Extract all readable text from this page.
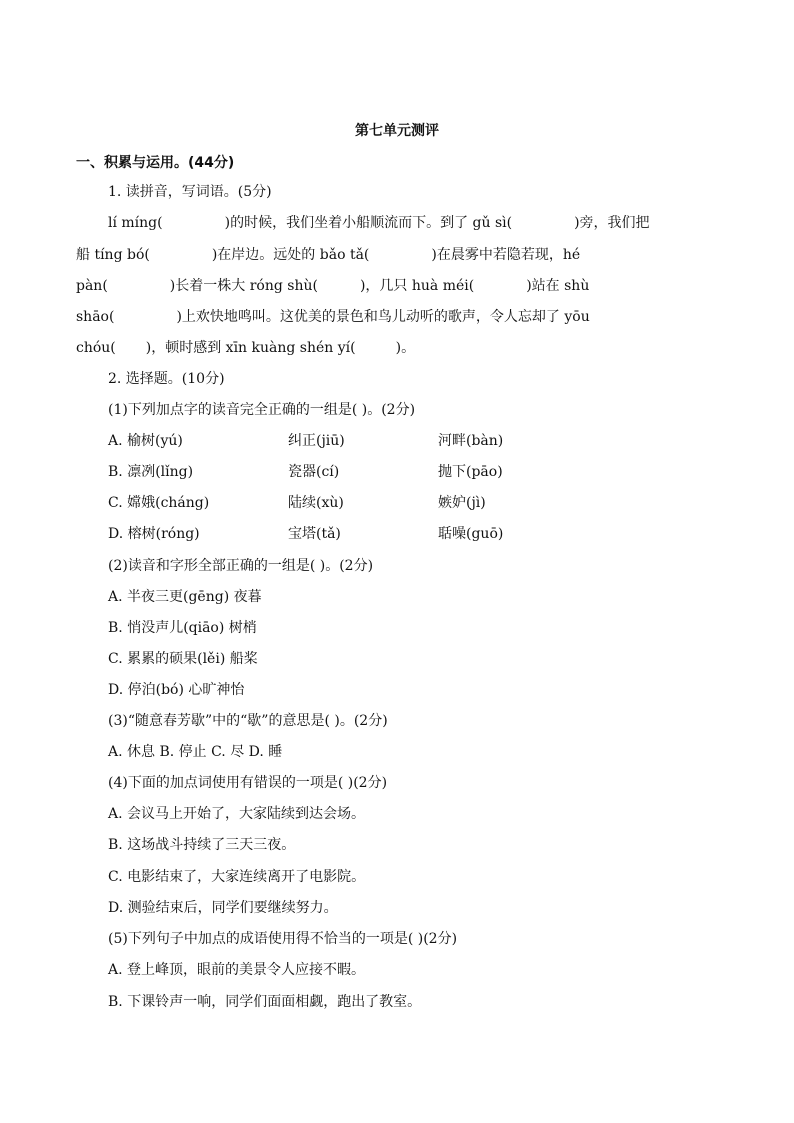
第七单元测评
一、积累与运用。(44分)
1. 读拼音，写词语。(5分)
lí míng(	)的时候，我们坐着小船顺流而下。到了 gǔ sì(	)旁，我们把
船 tíng bó(	)在岸边。远处的 bǎo tǎ(	)在晨雾中若隐若现，hé
pàn(	)长着一株大 róng shù(	)，几只 huà méi(	)站在 shù
shāo(	)上欢快地鸣叫。这优美的景色和鸟儿动听的歌声，令人忘却了 yōu
chóu( )，顿时感到 xīn kuàng shén yí(	)。
2. 选择题。(10分)
(1)下列加点字的读音完全正确的一组是( )。(2分)
A. 榆树(yú)	纠正(jiū)	河畔(bàn)
B. 凛冽(lǐng)	瓷器(cí)	抛下(pāo)
C. 嫦娥(cháng)	陆续(xù)	嫉妒(jì)
D. 榕树(róng)	宝塔(tǎ)	聒噪(guō)
(2)读音和字形全部正确的一组是( )。(2分)
A. 半夜三更(gēng) 夜暮
B. 悄没声儿(qiāo) 树梢
C. 累累的硕果(lěi) 船桨
D. 停泊(bó) 心旷神怡
(3)“随意春芳歇”中的“歇”的意思是( )。(2分)
A. 休息 B. 停止 C. 尽 D. 睡
(4)下面的加点词使用有错误的一项是( )(2分)
A. 会议马上开始了，大家陆续到达会场。
B. 这场战斗持续了三天三夜。
C. 电影结束了，大家连续离开了电影院。
D. 测验结束后，同学们要继续努力。
(5)下列句子中加点的成语使用得不恰当的一项是( )(2分)
A. 登上峰顶，眼前的美景令人应接不暇。
B. 下课铃声一响，同学们面面相觑，跑出了教室。
